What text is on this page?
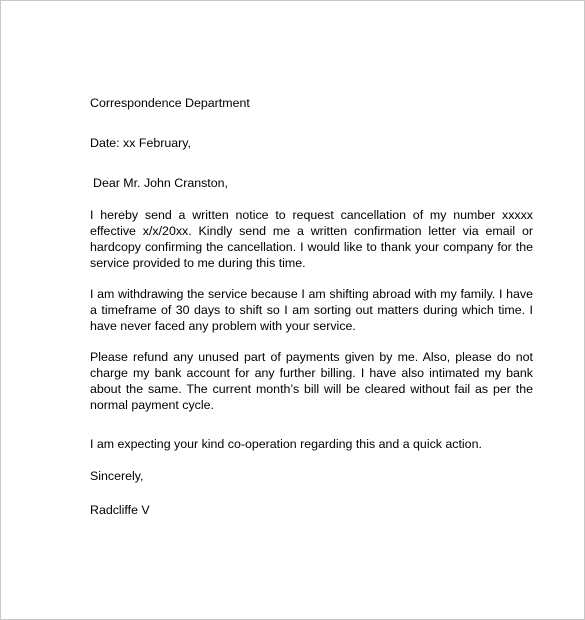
Correspondence Department

Date: xx February,

Dear Mr. John Cranston,

I hereby send a written notice to request cancellation of my number xxxxx effective x/x/20xx. Kindly send me a written confirmation letter via email or hardcopy confirming the cancellation. I would like to thank your company for the service provided to me during this time.

I am withdrawing the service because I am shifting abroad with my family. I have a timeframe of 30 days to shift so I am sorting out matters during which time. I have never faced any problem with your service.

Please refund any unused part of payments given by me. Also, please do not charge my bank account for any further billing. I have also intimated my bank about the same. The current month’s bill will be cleared without fail as per the normal payment cycle.

I am expecting your kind co-operation regarding this and a quick action.

Sincerely,

Radcliffe V
